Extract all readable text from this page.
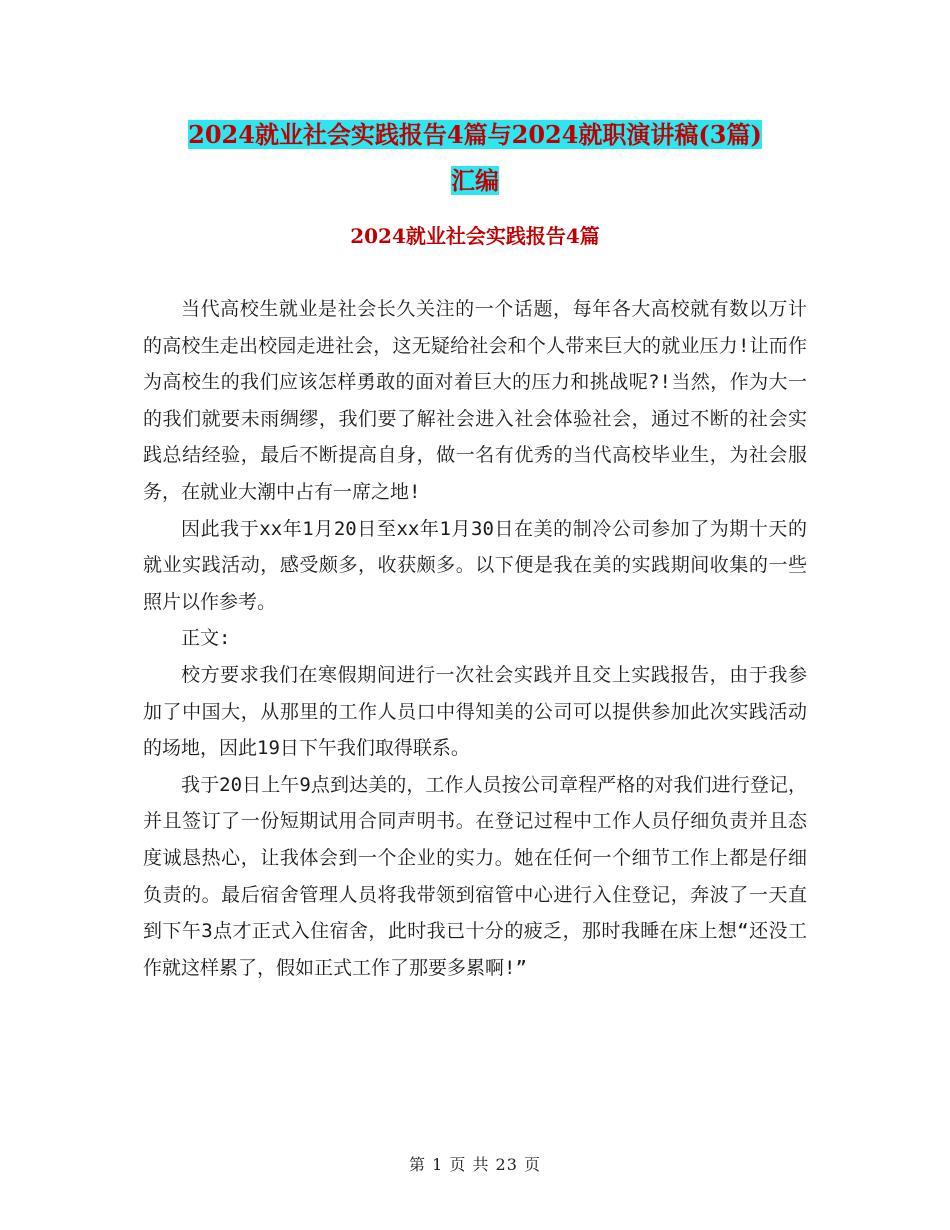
2024就业社会实践报告4篇与2024就职演讲稿(3篇)
汇编
2024就业社会实践报告4篇

当代高校生就业是社会长久关注的一个话题，每年各大高校就有数以万计的高校生走出校园走进社会，这无疑给社会和个人带来巨大的就业压力!让而作为高校生的我们应该怎样勇敢的面对着巨大的压力和挑战呢?!当然，作为大一的我们就要未雨绸缪，我们要了解社会进入社会体验社会，通过不断的社会实践总结经验，最后不断提高自身，做一名有优秀的当代高校毕业生，为社会服务，在就业大潮中占有一席之地!

因此我于xx年1月20日至xx年1月30日在美的制冷公司参加了为期十天的就业实践活动，感受颇多，收获颇多。以下便是我在美的实践期间收集的一些照片以作参考。

正文:

校方要求我们在寒假期间进行一次社会实践并且交上实践报告，由于我参加了中国大，从那里的工作人员口中得知美的公司可以提供参加此次实践活动的场地，因此19日下午我们取得联系。

我于20日上午9点到达美的，工作人员按公司章程严格的对我们进行登记，并且签订了一份短期试用合同声明书。在登记过程中工作人员仔细负责并且态度诚恳热心，让我体会到一个企业的实力。她在任何一个细节工作上都是仔细负责的。最后宿舍管理人员将我带领到宿管中心进行入住登记，奔波了一天直到下午3点才正式入住宿舍，此时我已十分的疲乏，那时我睡在床上想“还没工作就这样累了，假如正式工作了那要多累啊!”

第 1 页 共 23 页
